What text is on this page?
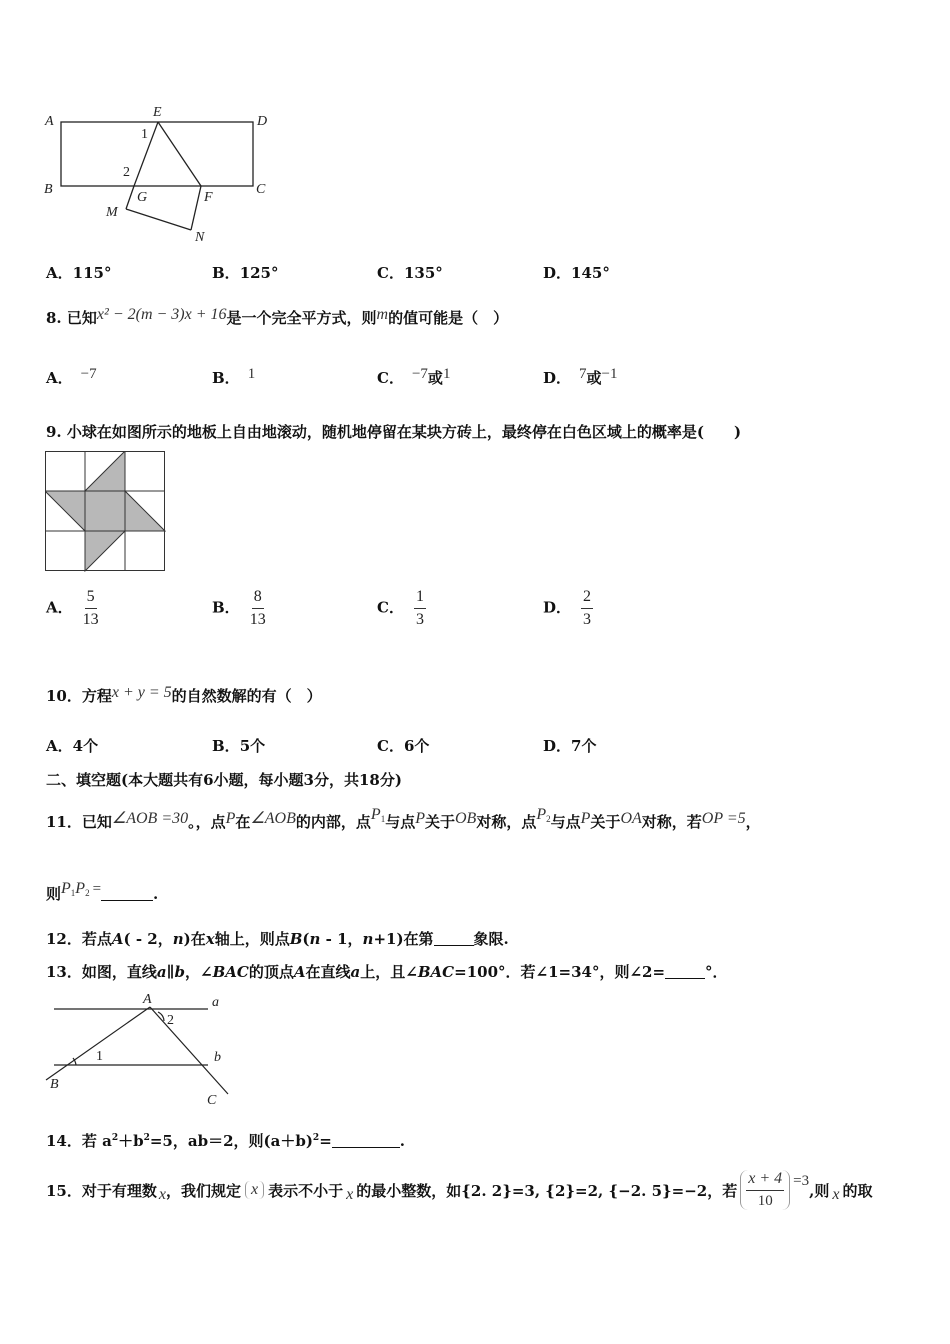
A
E
D
B	C
G	F
M
N
1
2
A．115°	B．125°	C．135°	D．145°
8. 已知x² − 2(m − 3)x + 16是一个完全平方式，则m的值可能是（　）
A． −7	B． 1	C． −7或1	D． 7或−1
9. 小球在如图所示的地板上自由地滚动，随机地停留在某块方砖上，最终停在白色区域上的概率是(　　)
A． $\frac{5}{13}$	B． $\frac{8}{13}$	C． $\frac{1}{3}$	D． $\frac{2}{3}$
10．方程x + y = 5的自然数解的有（　）
A．4个	B．5个	C．6个	D．7个
二、填空题(本大题共有6小题，每小题3分，共18分)
11．已知∠AOB =30。，点P在∠AOB的内部，点$P_1$与点P关于OB对称，点$P_2$与点P关于OA对称，若OP =5，
则$P_1P_2$ =	.
12．若点A( - 2，n)在x轴上，则点B(n - 1，n+1)在第	象限.
13．如图，直线a∥b，∠BAC的顶点A在直线a上，且∠BAC=100°．若∠1=34°，则∠2=	°．
A	a
b
B
C
1
2
14．若 $a^2+b^2=5$，ab＝2，则$(a+b)^2=$	.
15．对于有理数 x ，我们规定 x 表示不小于 x 的最小整数，如{2. 2}=3, {2}=2, {−2. 5}=−2，若 $\frac{x + 4}{10} =3$
,则 x 的取
